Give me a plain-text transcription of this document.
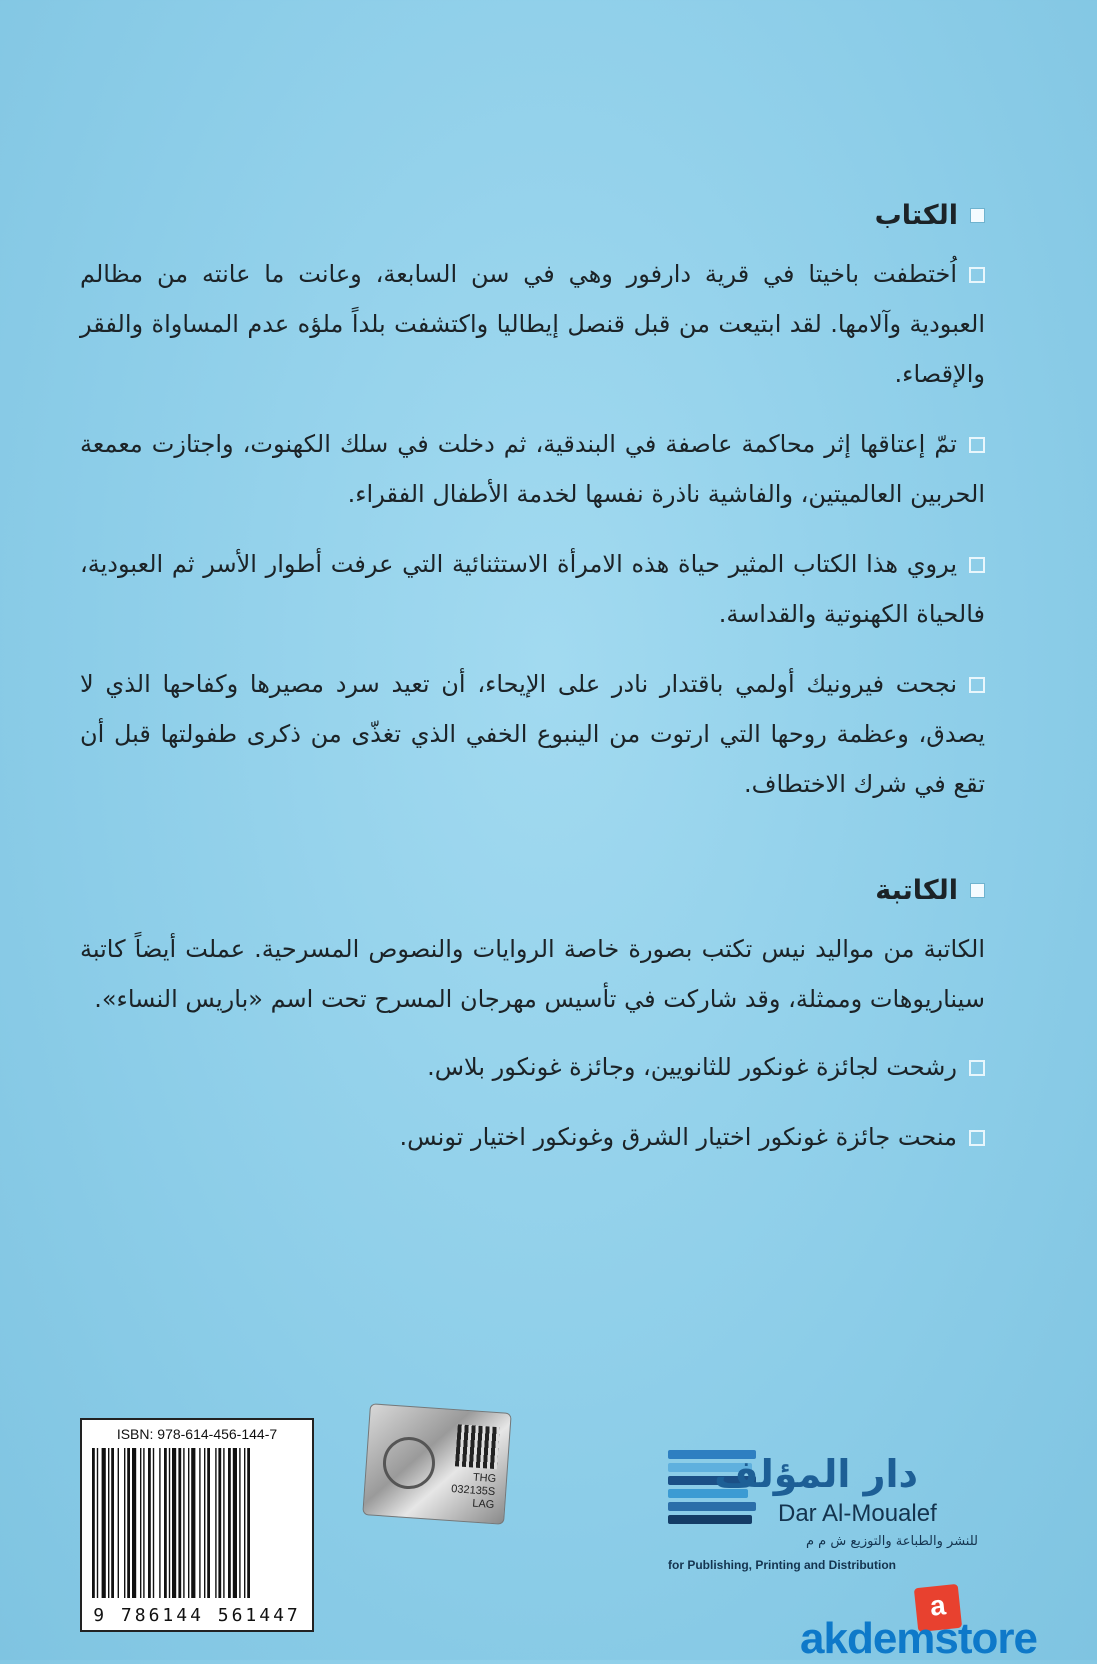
الكتاب

اُختطفت باخيتا في قرية دارفور وهي في سن السابعة، وعانت ما عانته من مظالم العبودية وآلامها. لقد ابتيعت من قبل قنصل إيطاليا واكتشفت بلداً ملؤه عدم المساواة والفقر والإقصاء.

تمّ إعتاقها إثر محاكمة عاصفة في البندقية، ثم دخلت في سلك الكهنوت، واجتازت معمعة الحربين العالميتين، والفاشية ناذرة نفسها لخدمة الأطفال الفقراء.

يروي هذا الكتاب المثير حياة هذه الامرأة الاستثنائية التي عرفت أطوار الأسر ثم العبودية، فالحياة الكهنوتية والقداسة.

نجحت فيرونيك أولمي باقتدار نادر على الإيحاء، أن تعيد سرد مصيرها وكفاحها الذي لا يصدق، وعظمة روحها التي ارتوت من الينبوع الخفي الذي تغذّى من ذكرى طفولتها قبل أن تقع في شرك الاختطاف.

الكاتبة

الكاتبة من مواليد نيس تكتب بصورة خاصة الروايات والنصوص المسرحية. عملت أيضاً كاتبة سيناريوهات وممثلة، وقد شاركت في تأسيس مهرجان المسرح تحت اسم «باريس النساء».

رشحت لجائزة غونكور للثانويين، وجائزة غونكور بلاس.

منحت جائزة غونكور اختيار الشرق وغونكور اختيار تونس.

ISBN: 978-614-456-144-7
9 786144 561447
THG
032135S
LAG
دار المؤلف
Dar Al-Moualef
للنشر والطباعة والتوزيع ش م م
for Publishing, Printing and Distribution
a
akdemstore
